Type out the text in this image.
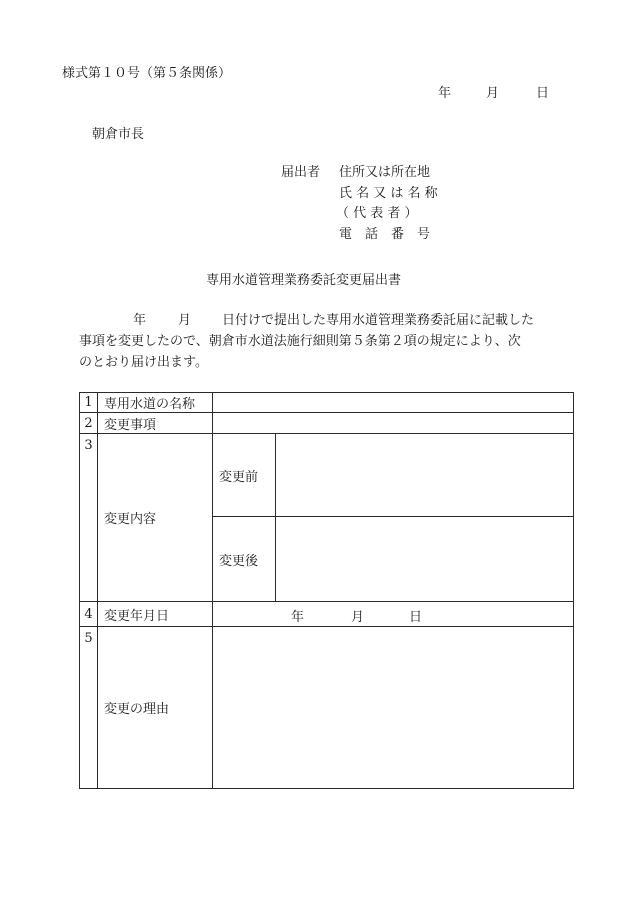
様式第１０号（第５条関係）
年	月	日
朝倉市長
届出者 住所又は所在地
氏 名 又 は 名 称
（ 代 表 者 ）
電　話　番　号
専用水道管理業務委託変更届出書
年 月 日付けで提出した専用水道管理業務委託届に記載した
事項を変更したので、朝倉市水道法施行細則第５条第２項の規定により、次
のとおり届け出ます。
1	専用水道の名称		
2	変更事項		
3	変更内容	変更前	
		変更後	
4	変更年月日	年 月 日	

5	変更の理由		
